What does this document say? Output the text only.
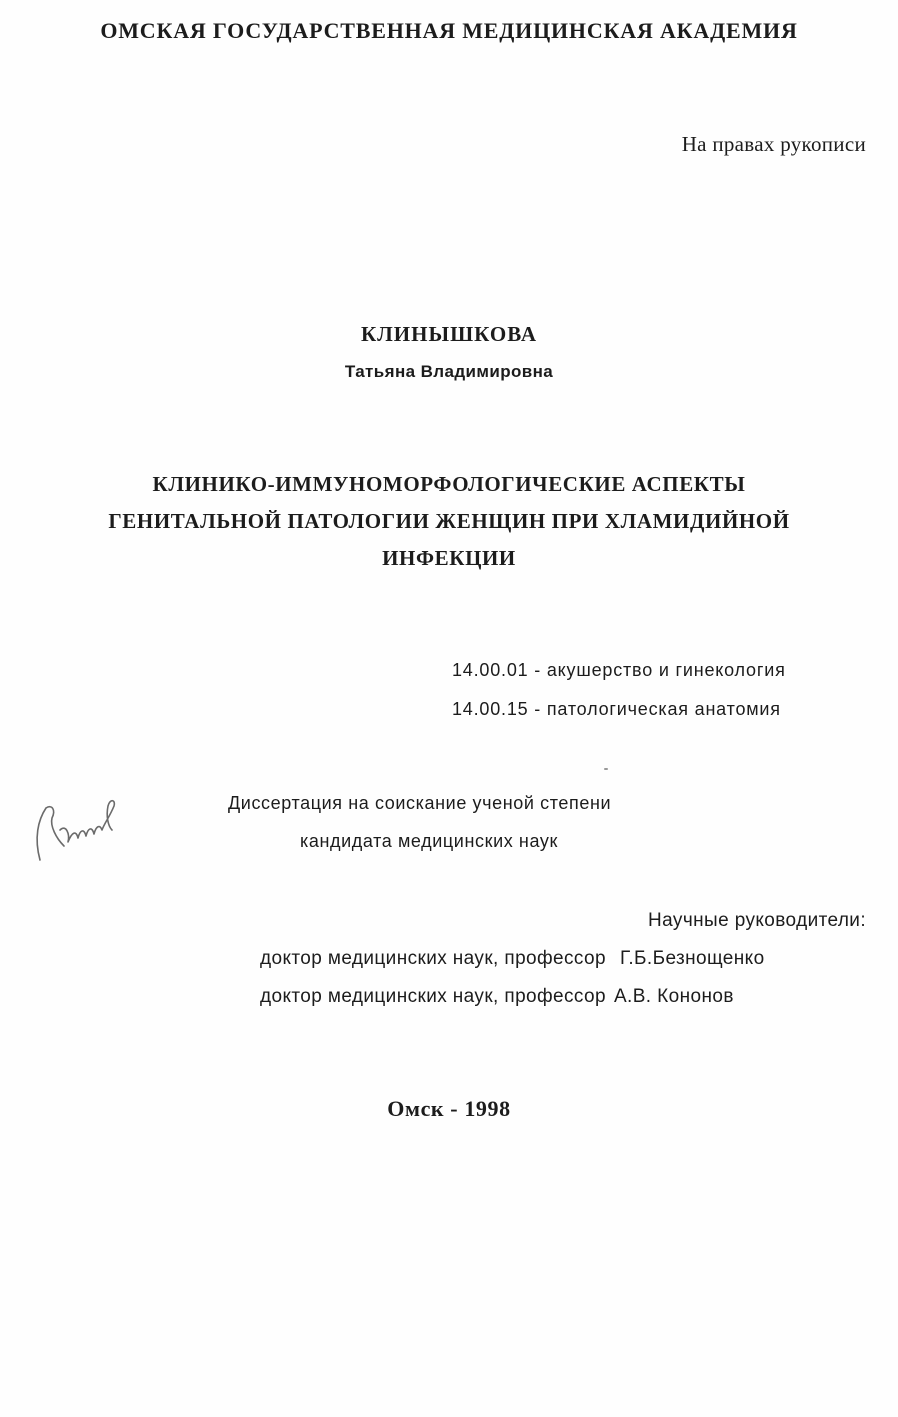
ОМСКАЯ ГОСУДАРСТВЕННАЯ МЕДИЦИНСКАЯ АКАДЕМИЯ
На правах рукописи
КЛИНЫШКОВА
Татьяна Владимировна
КЛИНИКО-ИММУНОМОРФОЛОГИЧЕСКИЕ АСПЕКТЫ
ГЕНИТАЛЬНОЙ ПАТОЛОГИИ ЖЕНЩИН ПРИ ХЛАМИДИЙНОЙ
ИНФЕКЦИИ
14.00.01 - акушерство и гинекология
14.00.15 - патологическая анатомия
Диссертация на соискание ученой степени
кандидата медицинских наук
Научные руководители:
доктор медицинских наук, профессор Г.Б.Безнощенко
доктор медицинских наук, профессор А.В. Кононов
Омск - 1998
